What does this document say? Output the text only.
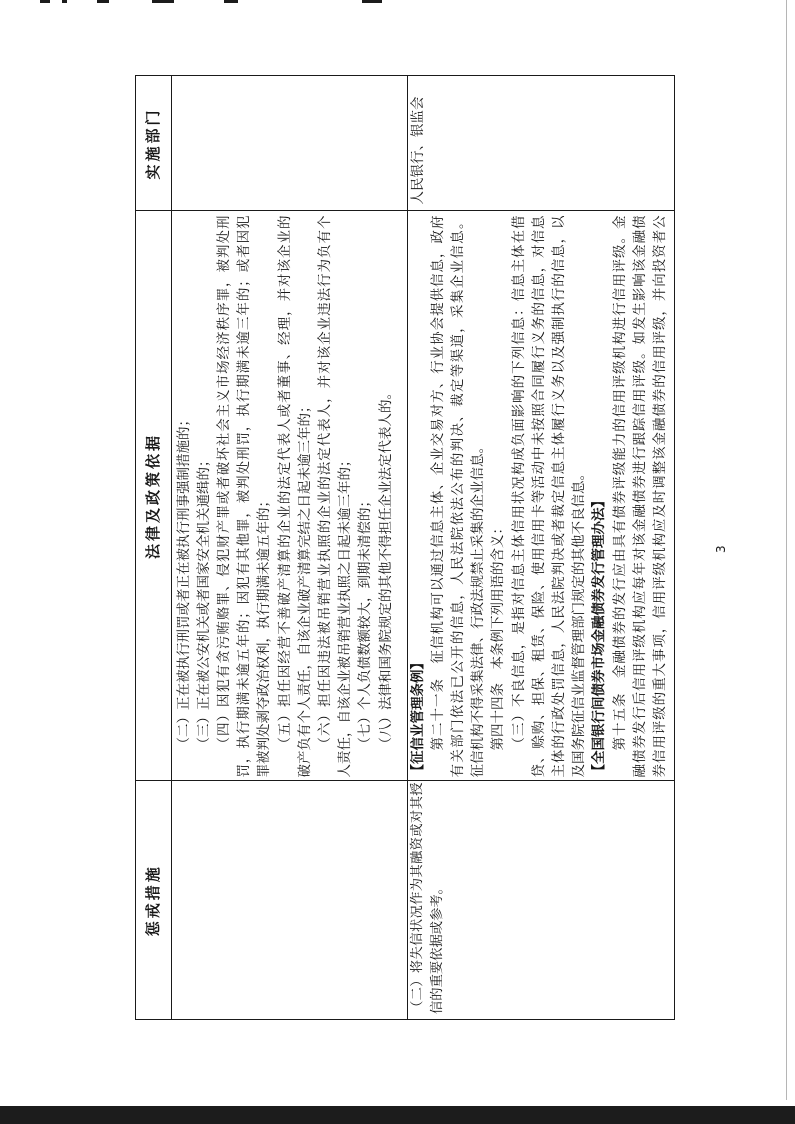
惩戒措施
法律及政策依据
实施部门
（二）正在被执行刑罚或者正在被执行刑事强制措施的； （三）正在被公安机关或者国家安全机关通缉的； （四）因犯有贪污贿赂罪、侵犯财产罪或者破坏社会主义市场经济秩序罪，被判处刑 罚，执行期满未逾五年的；因犯有其他罪，被判处刑罚，执行期满未逾三年的；或者因犯 罪被判处剥夺政治权利，执行期满未逾五年的； （五）担任因经营不善破产清算的企业的法定代表人或者董事、经理，并对该企业的 破产负有个人责任，自该企业破产清算完结之日起未逾三年的； （六）担任因违法被吊销营业执照的企业的法定代表人，并对该企业违法行为负有个 人责任，自该企业被吊销营业执照之日起未逾三年的； （七）个人负债数额较大，到期未清偿的； （八）法律和国务院规定的其他不得担任企业法定代表人的。
（二）将失信状况作为其融资或对其授 信的重要依据或参考。
【征信业管理条例】 第二十一条　征信机构可以通过信息主体、企业交易对方、行业协会提供信息，政府 有关部门依法已公开的信息，人民法院依法公布的判决、裁定等渠道，采集企业信息。 征信机构不得采集法律、行政法规禁止采集的企业信息。 第四十四条　本条例下列用语的含义： （三）不良信息，是指对信息主体信用状况构成负面影响的下列信息：信息主体在借 贷、赊购、担保、租赁、保险、使用信用卡等活动中未按照合同履行义务的信息，对信息 主体的行政处罚信息，人民法院判决或者裁定信息主体履行义务以及强制执行的信息，以 及国务院征信业监督管理部门规定的其他不良信息。 【全国银行间债券市场金融债券发行管理办法】 第十五条　金融债券的发行应由具有债券评级能力的信用评级机构进行信用评级。金 融债券发行后信用评级机构应每年对该金融债券进行跟踪信用评级。如发生影响该金融债 券信用评级的重大事项，信用评级机构应及时调整该金融债券的信用评级，并向投资者公
人民银行、银监会
3
